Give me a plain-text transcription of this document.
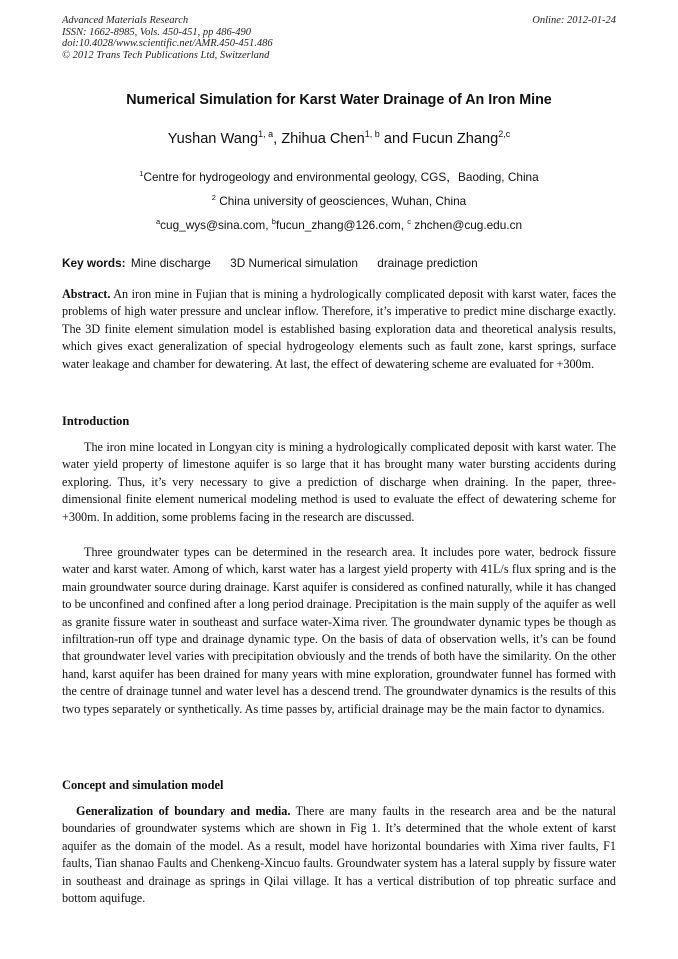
Advanced Materials Research
ISSN: 1662-8985, Vols. 450-451, pp 486-490
doi:10.4028/www.scientific.net/AMR.450-451.486
© 2012 Trans Tech Publications Ltd, Switzerland
Online: 2012-01-24
Numerical Simulation for Karst Water Drainage of An Iron Mine
Yushan Wang$^{1, a}$, Zhihua Chen$^{1, b}$ and Fucun Zhang$^{2,c}$
$^1$Centre for hydrogeology and environmental geology, CGS，Baoding, China
$^2$ China university of geosciences, Wuhan, China
$^a$cug_wys@sina.com, $^b$fucun_zhang@126.com, $^c$ zhchen@cug.edu.cn
Key words: Mine discharge 3D Numerical simulation drainage prediction

Abstract. An iron mine in Fujian that is mining a hydrologically complicated deposit with karst water, faces the problems of high water pressure and unclear inflow. Therefore, it’s imperative to predict mine discharge exactly. The 3D finite element simulation model is established basing exploration data and theoretical analysis results, which gives exact generalization of special hydrogeology elements such as fault zone, karst springs, surface water leakage and chamber for dewatering. At last, the effect of dewatering scheme are evaluated for +300m.

Introduction

The iron mine located in Longyan city is mining a hydrologically complicated deposit with karst water. The water yield property of limestone aquifer is so large that it has brought many water bursting accidents during exploring. Thus, it’s very necessary to give a prediction of discharge when draining. In the paper, three-dimensional finite element numerical modeling method is used to evaluate the effect of dewatering scheme for +300m. In addition, some problems facing in the research are discussed.

Three groundwater types can be determined in the research area. It includes pore water, bedrock fissure water and karst water. Among of which, karst water has a largest yield property with 41L/s flux spring and is the main groundwater source during drainage. Karst aquifer is considered as confined naturally, while it has changed to be unconfined and confined after a long period drainage. Precipitation is the main supply of the aquifer as well as granite fissure water in southeast and surface water-Xima river. The groundwater dynamic types be though as infiltration-run off type and drainage dynamic type. On the basis of data of observation wells, it’s can be found that groundwater level varies with precipitation obviously and the trends of both have the similarity. On the other hand, karst aquifer has been drained for many years with mine exploration, groundwater funnel has formed with the centre of drainage tunnel and water level has a descend trend. The groundwater dynamics is the results of this two types separately or synthetically. As time passes by, artificial drainage may be the main factor to dynamics.

Concept and simulation model

Generalization of boundary and media. There are many faults in the research area and be the natural boundaries of groundwater systems which are shown in Fig 1. It’s determined that the whole extent of karst aquifer as the domain of the model. As a result, model have horizontal boundaries with Xima river faults, F1 faults, Tian shanao Faults and Chenkeng-Xincuo faults. Groundwater system has a lateral supply by fissure water in southeast and drainage as springs in Qilai village. It has a vertical distribution of top phreatic surface and bottom aquifuge.
